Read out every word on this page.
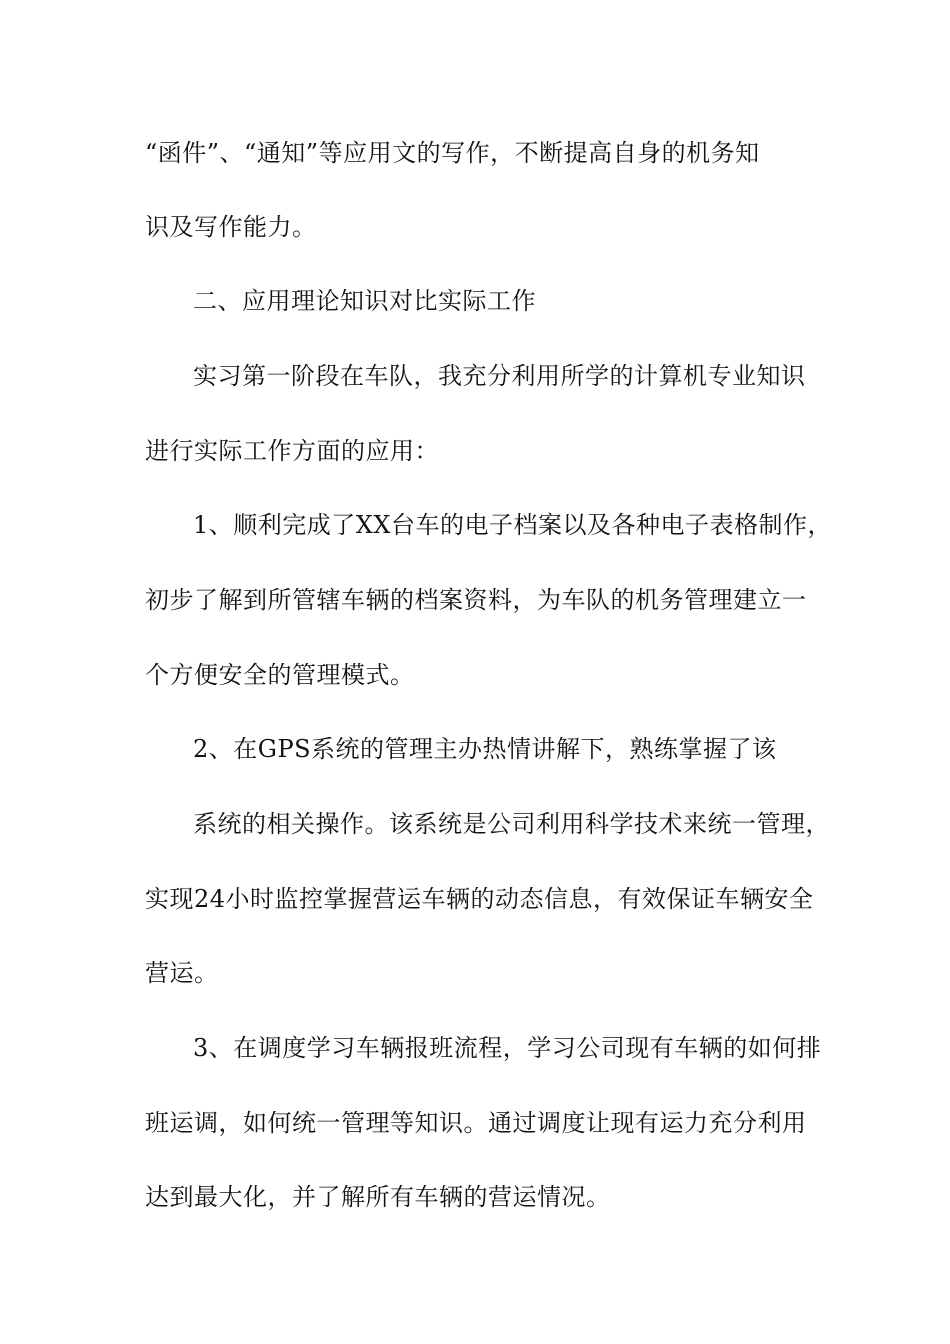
“函件”、“通知”等应用文的写作，不断提高自身的机务知
识及写作能力。
二、应用理论知识对比实际工作
实习第一阶段在车队，我充分利用所学的计算机专业知识
进行实际工作方面的应用：
1、顺利完成了XX台车的电子档案以及各种电子表格制作，
初步了解到所管辖车辆的档案资料，为车队的机务管理建立一
个方便安全的管理模式。
2、在GPS系统的管理主办热情讲解下，熟练掌握了该
系统的相关操作。该系统是公司利用科学技术来统一管理，
实现24小时监控掌握营运车辆的动态信息，有效保证车辆安全
营运。
3、在调度学习车辆报班流程，学习公司现有车辆的如何排
班运调，如何统一管理等知识。通过调度让现有运力充分利用
达到最大化，并了解所有车辆的营运情况。
